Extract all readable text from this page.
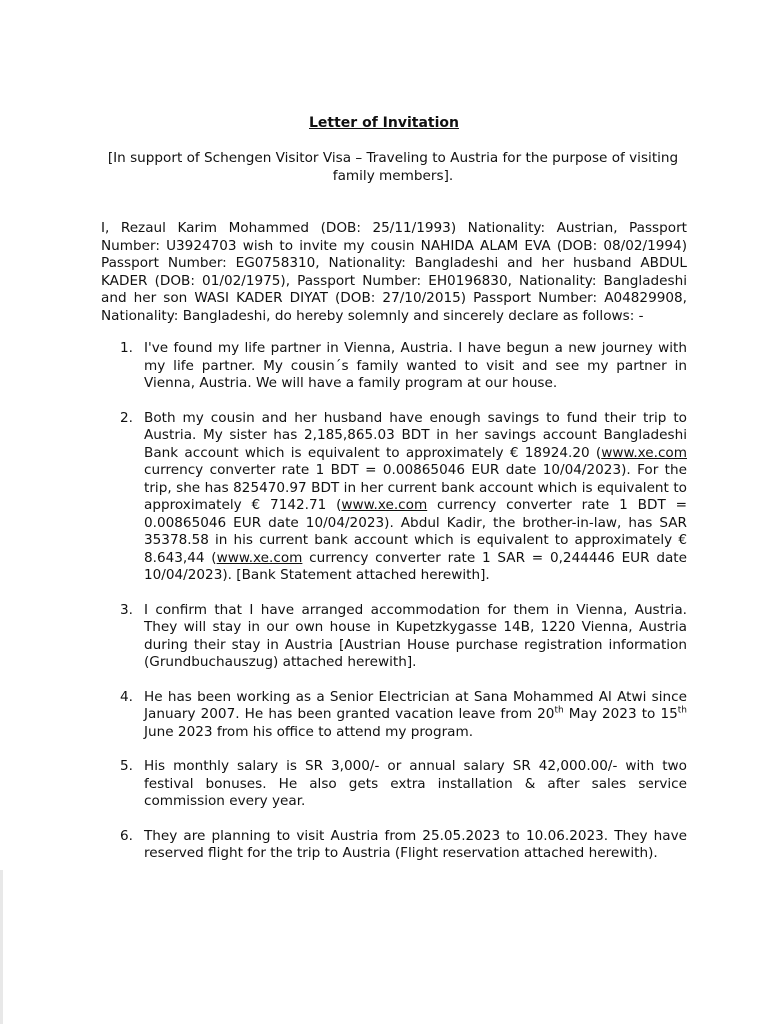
Letter of Invitation
[In support of Schengen Visitor Visa – Traveling to Austria for the purpose of visiting family members].
I, Rezaul Karim Mohammed (DOB: 25/11/1993) Nationality: Austrian, Passport Number: U3924703 wish to invite my cousin NAHIDA ALAM EVA (DOB: 08/02/1994) Passport Number: EG0758310, Nationality: Bangladeshi and her husband ABDUL KADER (DOB: 01/02/1975), Passport Number: EH0196830, Nationality: Bangladeshi and her son WASI KADER DIYAT (DOB: 27/10/2015) Passport Number: A04829908, Nationality: Bangladeshi, do hereby solemnly and sincerely declare as follows: -
1. I've found my life partner in Vienna, Austria. I have begun a new journey with my life partner. My cousin´s family wanted to visit and see my partner in Vienna, Austria. We will have a family program at our house.
2. Both my cousin and her husband have enough savings to fund their trip to Austria. My sister has 2,185,865.03 BDT in her savings account Bangladeshi Bank account which is equivalent to approximately € 18924.20 (www.xe.com currency converter rate 1 BDT = 0.00865046 EUR date 10/04/2023). For the trip, she has 825470.97 BDT in her current bank account which is equivalent to approximately € 7142.71 (www.xe.com currency converter rate 1 BDT = 0.00865046 EUR date 10/04/2023). Abdul Kadir, the brother-in-law, has SAR 35378.58 in his current bank account which is equivalent to approximately € 8.643,44 (www.xe.com currency converter rate 1 SAR = 0,244446 EUR date 10/04/2023). [Bank Statement attached herewith].
3. I confirm that I have arranged accommodation for them in Vienna, Austria. They will stay in our own house in Kupetzkygasse 14B, 1220 Vienna, Austria during their stay in Austria [Austrian House purchase registration information (Grundbuchauszug) attached herewith].
4. He has been working as a Senior Electrician at Sana Mohammed Al Atwi since January 2007. He has been granted vacation leave from 20th May 2023 to 15th June 2023 from his office to attend my program.
5. His monthly salary is SR 3,000/- or annual salary SR 42,000.00/- with two festival bonuses. He also gets extra installation & after sales service commission every year.
6. They are planning to visit Austria from 25.05.2023 to 10.06.2023. They have reserved flight for the trip to Austria (Flight reservation attached herewith).
